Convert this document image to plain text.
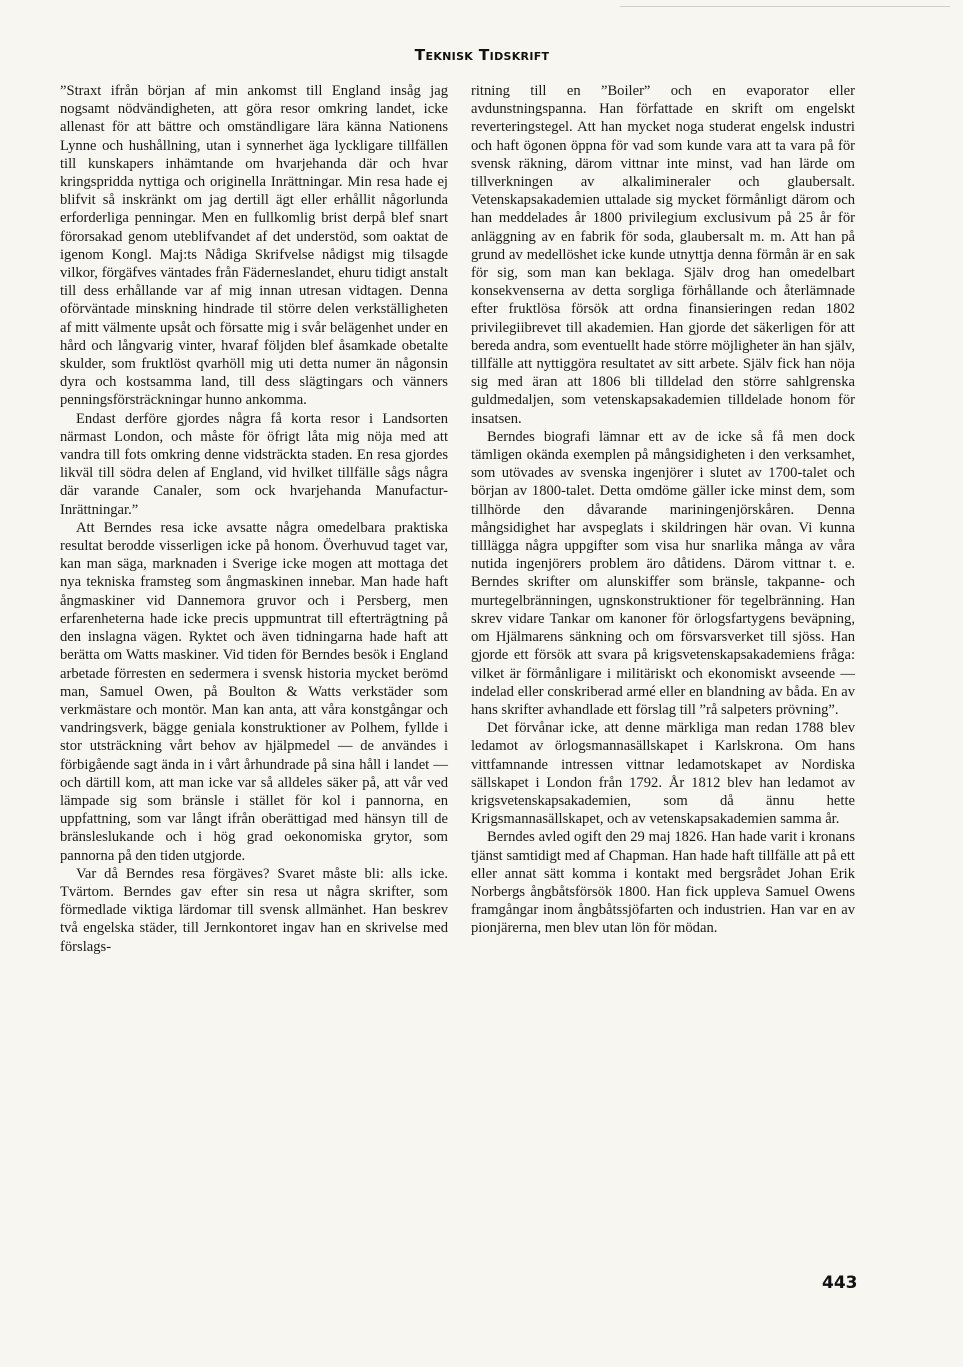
Teknisk Tidskrift

”Straxt ifrån början af min ankomst till England insåg jag nogsamt nödvändigheten, att göra resor omkring landet, icke allenast för att bättre och omständligare lära känna Nationens Lynne och hushållning, utan i synnerhet äga lyckligare tillfällen till kunskapers inhämtande om hvarjehanda där och hvar kringspridda nyttiga och originella Inrättningar. Min resa hade ej blifvit så inskränkt om jag dertill ägt eller erhållit någorlunda erforderliga penningar. Men en fullkomlig brist derpå blef snart förorsakad genom uteblifvandet af det understöd, som oaktat de igenom Kongl. Maj:ts Nådiga Skrifvelse nådigst mig tilsagde vilkor, förgäfves väntades från Fäderneslandet, ehuru tidigt anstalt till dess erhållande var af mig innan utresan vidtagen. Denna oförväntade minskning hindrade til större delen verkställigheten af mitt välmente upsåt och försatte mig i svår belägenhet under en hård och långvarig vinter, hvaraf följden blef åsamkade obetalte skulder, som fruktlöst qvarhöll mig uti detta numer än någonsin dyra och kostsamma land, till dess slägtingars och vänners penningsförsträckningar hunno ankomma.

Endast derföre gjordes några få korta resor i Landsorten närmast London, och måste för öfrigt låta mig nöja med att vandra till fots omkring denne vidsträckta staden. En resa gjordes likväl till södra delen af England, vid hvilket tillfälle sågs några där varande Canaler, som ock hvarjehanda Manufactur-Inrättningar.”

Att Berndes resa icke avsatte några omedelbara praktiska resultat berodde visserligen icke på honom. Överhuvud taget var, kan man säga, marknaden i Sverige icke mogen att mottaga det nya tekniska framsteg som ångmaskinen innebar. Man hade haft ångmaskiner vid Dannemora gruvor och i Persberg, men erfarenheterna hade icke precis uppmuntrat till efterträgtning på den inslagna vägen. Ryktet och även tidningarna hade haft att berätta om Watts maskiner. Vid tiden för Berndes besök i England arbetade förresten en sedermera i svensk historia mycket berömd man, Samuel Owen, på Boulton & Watts verkstäder som verkmästare och montör. Man kan anta, att våra konstgångar och vandringsverk, bägge geniala konstruktioner av Polhem, fyllde i stor utsträckning vårt behov av hjälpmedel — de användes i förbigående sagt ända in i vårt århundrade på sina håll i landet — och därtill kom, att man icke var så alldeles säker på, att vår ved lämpade sig som bränsle i stället för kol i pannorna, en uppfattning, som var långt ifrån oberättigad med hänsyn till de bränsleslukande och i hög grad oekonomiska grytor, som pannorna på den tiden utgjorde.

Var då Berndes resa förgäves? Svaret måste bli: alls icke. Tvärtom. Berndes gav efter sin resa ut några skrifter, som förmedlade viktiga lärdomar till svensk allmänhet. Han beskrev två engelska städer, till Jernkontoret ingav han en skrivelse med förslags-

ritning till en ”Boiler” och en evaporator eller avdunstningspanna. Han författade en skrift om engelskt reverteringstegel. Att han mycket noga studerat engelsk industri och haft ögonen öppna för vad som kunde vara att ta vara på för svensk räkning, därom vittnar inte minst, vad han lärde om tillverkningen av alkalimineraler och glaubersalt. Vetenskapsakademien uttalade sig mycket förmånligt därom och han meddelades år 1800 privilegium exclusivum på 25 år för anläggning av en fabrik för soda, glaubersalt m. m. Att han på grund av medellöshet icke kunde utnyttja denna förmån är en sak för sig, som man kan beklaga. Själv drog han omedelbart konsekvenserna av detta sorgliga förhållande och återlämnade efter fruktlösa försök att ordna finansieringen redan 1802 privilegiibrevet till akademien. Han gjorde det säkerligen för att bereda andra, som eventuellt hade större möjligheter än han själv, tillfälle att nyttiggöra resultatet av sitt arbete. Själv fick han nöja sig med äran att 1806 bli tilldelad den större sahlgrenska guldmedaljen, som vetenskapsakademien tilldelade honom för insatsen.

Berndes biografi lämnar ett av de icke så få men dock tämligen okända exemplen på mångsidigheten i den verksamhet, som utövades av svenska ingenjörer i slutet av 1700-talet och början av 1800-talet. Detta omdöme gäller icke minst dem, som tillhörde den dåvarande mariningenjörskåren. Denna mångsidighet har avspeglats i skildringen här ovan. Vi kunna tilllägga några uppgifter som visa hur snarlika många av våra nutida ingenjörers problem äro dåtidens. Därom vittnar t. e. Berndes skrifter om alunskiffer som bränsle, takpanne- och murtegelbränningen, ugnskonstruktioner för tegelbränning. Han skrev vidare Tankar om kanoner för örlogsfartygens beväpning, om Hjälmarens sänkning och om försvarsverket till sjöss. Han gjorde ett försök att svara på krigsvetenskapsakademiens fråga: vilket är förmånligare i militäriskt och ekonomiskt avseende — indelad eller conskriberad armé eller en blandning av båda. En av hans skrifter avhandlade ett förslag till ”rå salpeters prövning”.

Det förvånar icke, att denne märkliga man redan 1788 blev ledamot av örlogsmannasällskapet i Karlskrona. Om hans vittfamnande intressen vittnar ledamotskapet av Nordiska sällskapet i London från 1792. År 1812 blev han ledamot av krigsvetenskapsakademien, som då ännu hette Krigsmannasällskapet, och av vetenskapsakademien samma år.

Berndes avled ogift den 29 maj 1826. Han hade varit i kronans tjänst samtidigt med af Chapman. Han hade haft tillfälle att på ett eller annat sätt komma i kontakt med bergsrådet Johan Erik Norbergs ångbåtsförsök 1800. Han fick uppleva Samuel Owens framgångar inom ångbåtssjöfarten och industrien. Han var en av pionjärerna, men blev utan lön för mödan.

443
